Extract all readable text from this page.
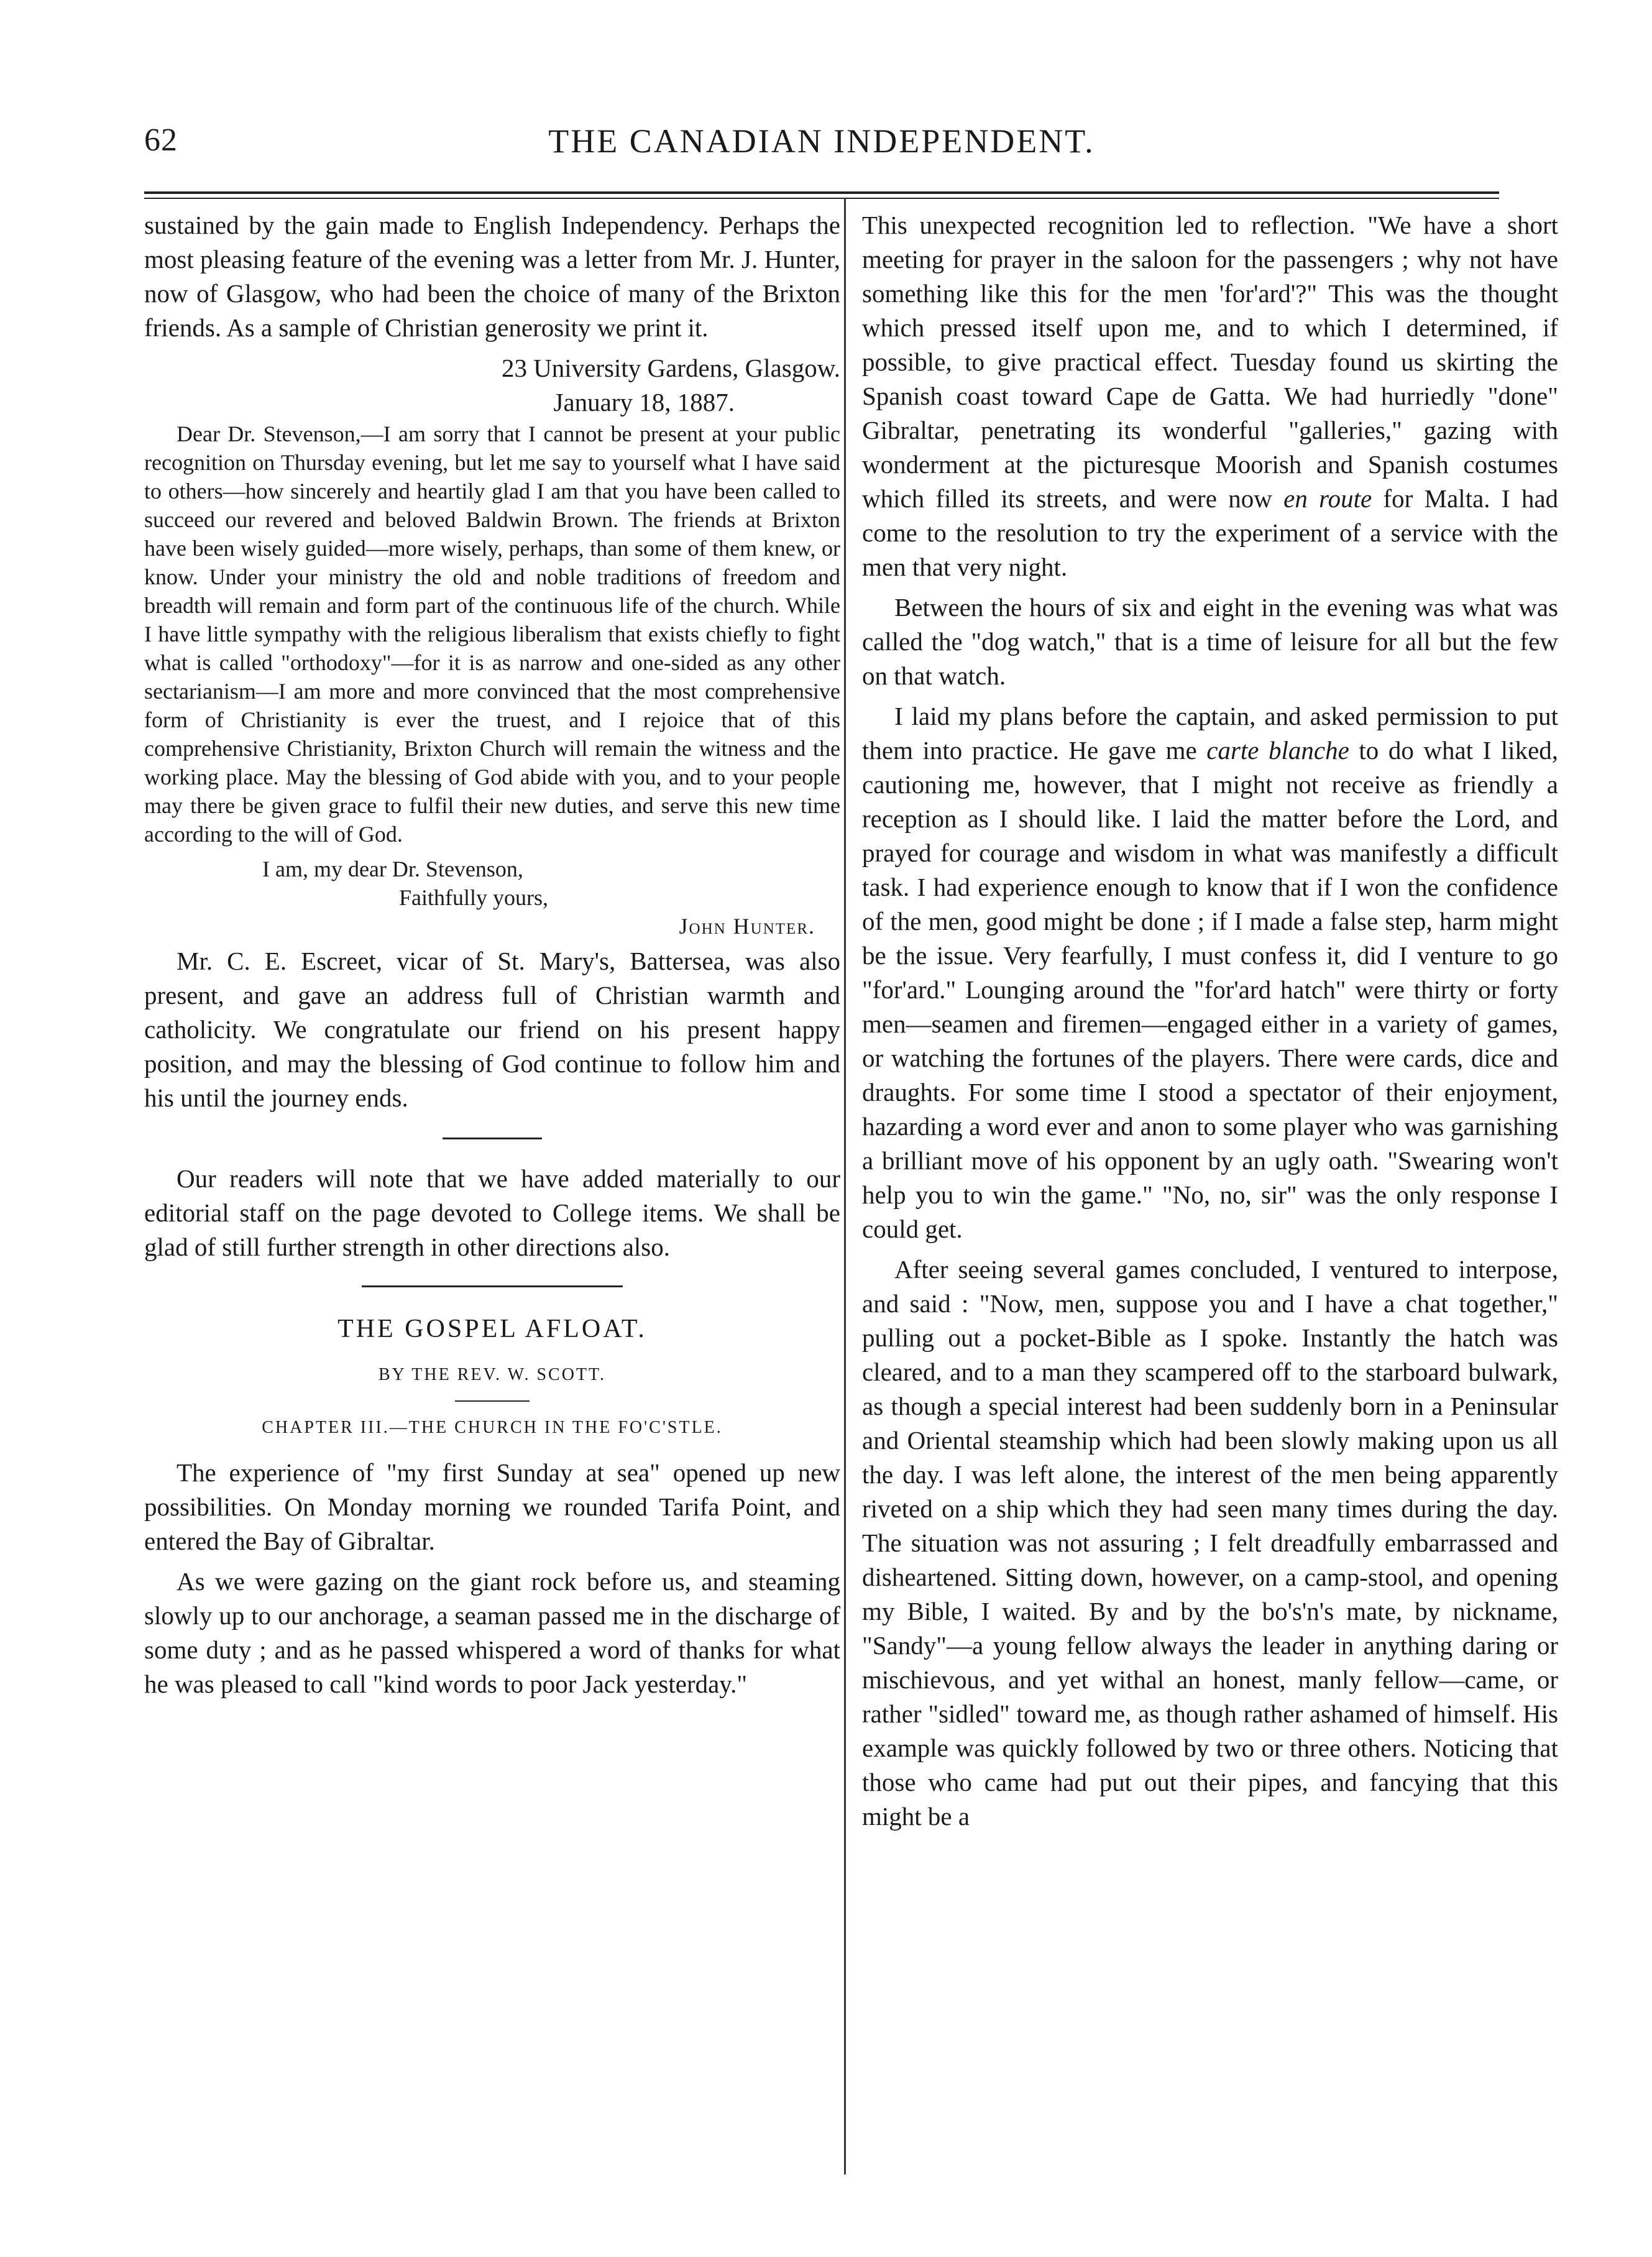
62	THE CANADIAN INDEPENDENT.

sustained by the gain made to English Independency. Perhaps the most pleasing feature of the evening was a letter from Mr. J. Hunter, now of Glasgow, who had been the choice of many of the Brixton friends. As a sample of Christian generosity we print it.

23 University Gardens, Glasgow.

January 18, 1887.

Dear Dr. Stevenson,—I am sorry that I cannot be present at your public recognition on Thursday evening, but let me say to yourself what I have said to others—how sincerely and heartily glad I am that you have been called to succeed our revered and beloved Baldwin Brown. The friends at Brixton have been wisely guided—more wisely, perhaps, than some of them knew, or know. Under your ministry the old and noble traditions of freedom and breadth will remain and form part of the continuous life of the church. While I have little sympathy with the religious liberalism that exists chiefly to fight what is called "orthodoxy"—for it is as narrow and one-sided as any other sectarianism—I am more and more convinced that the most comprehensive form of Christianity is ever the truest, and I rejoice that of this comprehensive Christianity, Brixton Church will remain the witness and the working place. May the blessing of God abide with you, and to your people may there be given grace to fulfil their new duties, and serve this new time according to the will of God.

I am, my dear Dr. Stevenson,

Faithfully yours,

John Hunter.

Mr. C. E. Escreet, vicar of St. Mary's, Battersea, was also present, and gave an address full of Christian warmth and catholicity. We congratulate our friend on his present happy position, and may the blessing of God continue to follow him and his until the journey ends.

Our readers will note that we have added materially to our editorial staff on the page devoted to College items. We shall be glad of still further strength in other directions also.

THE GOSPEL AFLOAT.

BY THE REV. W. SCOTT.

CHAPTER III.—THE CHURCH IN THE FO'C'STLE.

The experience of "my first Sunday at sea" opened up new possibilities. On Monday morning we rounded Tarifa Point, and entered the Bay of Gibraltar.

As we were gazing on the giant rock before us, and steaming slowly up to our anchorage, a seaman passed me in the discharge of some duty ; and as he passed whispered a word of thanks for what he was pleased to call "kind words to poor Jack yesterday."

This unexpected recognition led to reflection. "We have a short meeting for prayer in the saloon for the passengers ; why not have something like this for the men 'for'ard'?" This was the thought which pressed itself upon me, and to which I determined, if possible, to give practical effect. Tuesday found us skirting the Spanish coast toward Cape de Gatta. We had hurriedly "done" Gibraltar, penetrating its wonderful "galleries," gazing with wonderment at the picturesque Moorish and Spanish costumes which filled its streets, and were now en route for Malta. I had come to the resolution to try the experiment of a service with the men that very night.

Between the hours of six and eight in the evening was what was called the "dog watch," that is a time of leisure for all but the few on that watch.

I laid my plans before the captain, and asked permission to put them into practice. He gave me carte blanche to do what I liked, cautioning me, however, that I might not receive as friendly a reception as I should like. I laid the matter before the Lord, and prayed for courage and wisdom in what was manifestly a difficult task. I had experience enough to know that if I won the confidence of the men, good might be done ; if I made a false step, harm might be the issue. Very fearfully, I must confess it, did I venture to go "for'ard." Lounging around the "for'ard hatch" were thirty or forty men—seamen and firemen—engaged either in a variety of games, or watching the fortunes of the players. There were cards, dice and draughts. For some time I stood a spectator of their enjoyment, hazarding a word ever and anon to some player who was garnishing a brilliant move of his opponent by an ugly oath. "Swearing won't help you to win the game." "No, no, sir" was the only response I could get.

After seeing several games concluded, I ventured to interpose, and said : "Now, men, suppose you and I have a chat together," pulling out a pocket-Bible as I spoke. Instantly the hatch was cleared, and to a man they scampered off to the starboard bulwark, as though a special interest had been suddenly born in a Peninsular and Oriental steamship which had been slowly making upon us all the day. I was left alone, the interest of the men being apparently riveted on a ship which they had seen many times during the day. The situation was not assuring ; I felt dreadfully embarrassed and disheartened. Sitting down, however, on a camp-stool, and opening my Bible, I waited. By and by the bo's'n's mate, by nickname, "Sandy"—a young fellow always the leader in anything daring or mischievous, and yet withal an honest, manly fellow—came, or rather "sidled" toward me, as though rather ashamed of himself. His example was quickly followed by two or three others. Noticing that those who came had put out their pipes, and fancying that this might be a
